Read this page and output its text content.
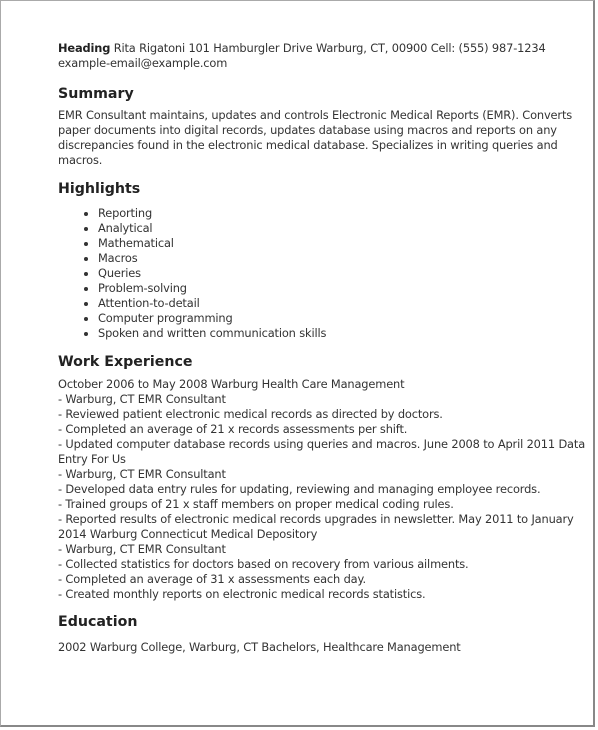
Heading Rita Rigatoni 101 Hamburgler Drive Warburg, CT, 00900 Cell: (555) 987-1234 example-email@example.com

Summary

EMR Consultant maintains, updates and controls Electronic Medical Reports (EMR). Converts paper documents into digital records, updates database using macros and reports on any discrepancies found in the electronic medical database. Specializes in writing queries and macros.

Highlights
• Reporting
• Analytical
• Mathematical
• Macros
• Queries
• Problem-solving
• Attention-to-detail
• Computer programming
• Spoken and written communication skills
Work Experience

October 2006 to May 2008 Warburg Health Care Management

- Warburg, CT EMR Consultant

- Reviewed patient electronic medical records as directed by doctors.

- Completed an average of 21 x records assessments per shift.

- Updated computer database records using queries and macros. June 2008 to April 2011 Data Entry For Us

- Warburg, CT EMR Consultant

- Developed data entry rules for updating, reviewing and managing employee records.

- Trained groups of 21 x staff members on proper medical coding rules.

- Reported results of electronic medical records upgrades in newsletter. May 2011 to January 2014 Warburg Connecticut Medical Depository

- Warburg, CT EMR Consultant

- Collected statistics for doctors based on recovery from various ailments.

- Completed an average of 31 x assessments each day.

- Created monthly reports on electronic medical records statistics.

Education

2002 Warburg College, Warburg, CT Bachelors, Healthcare Management
